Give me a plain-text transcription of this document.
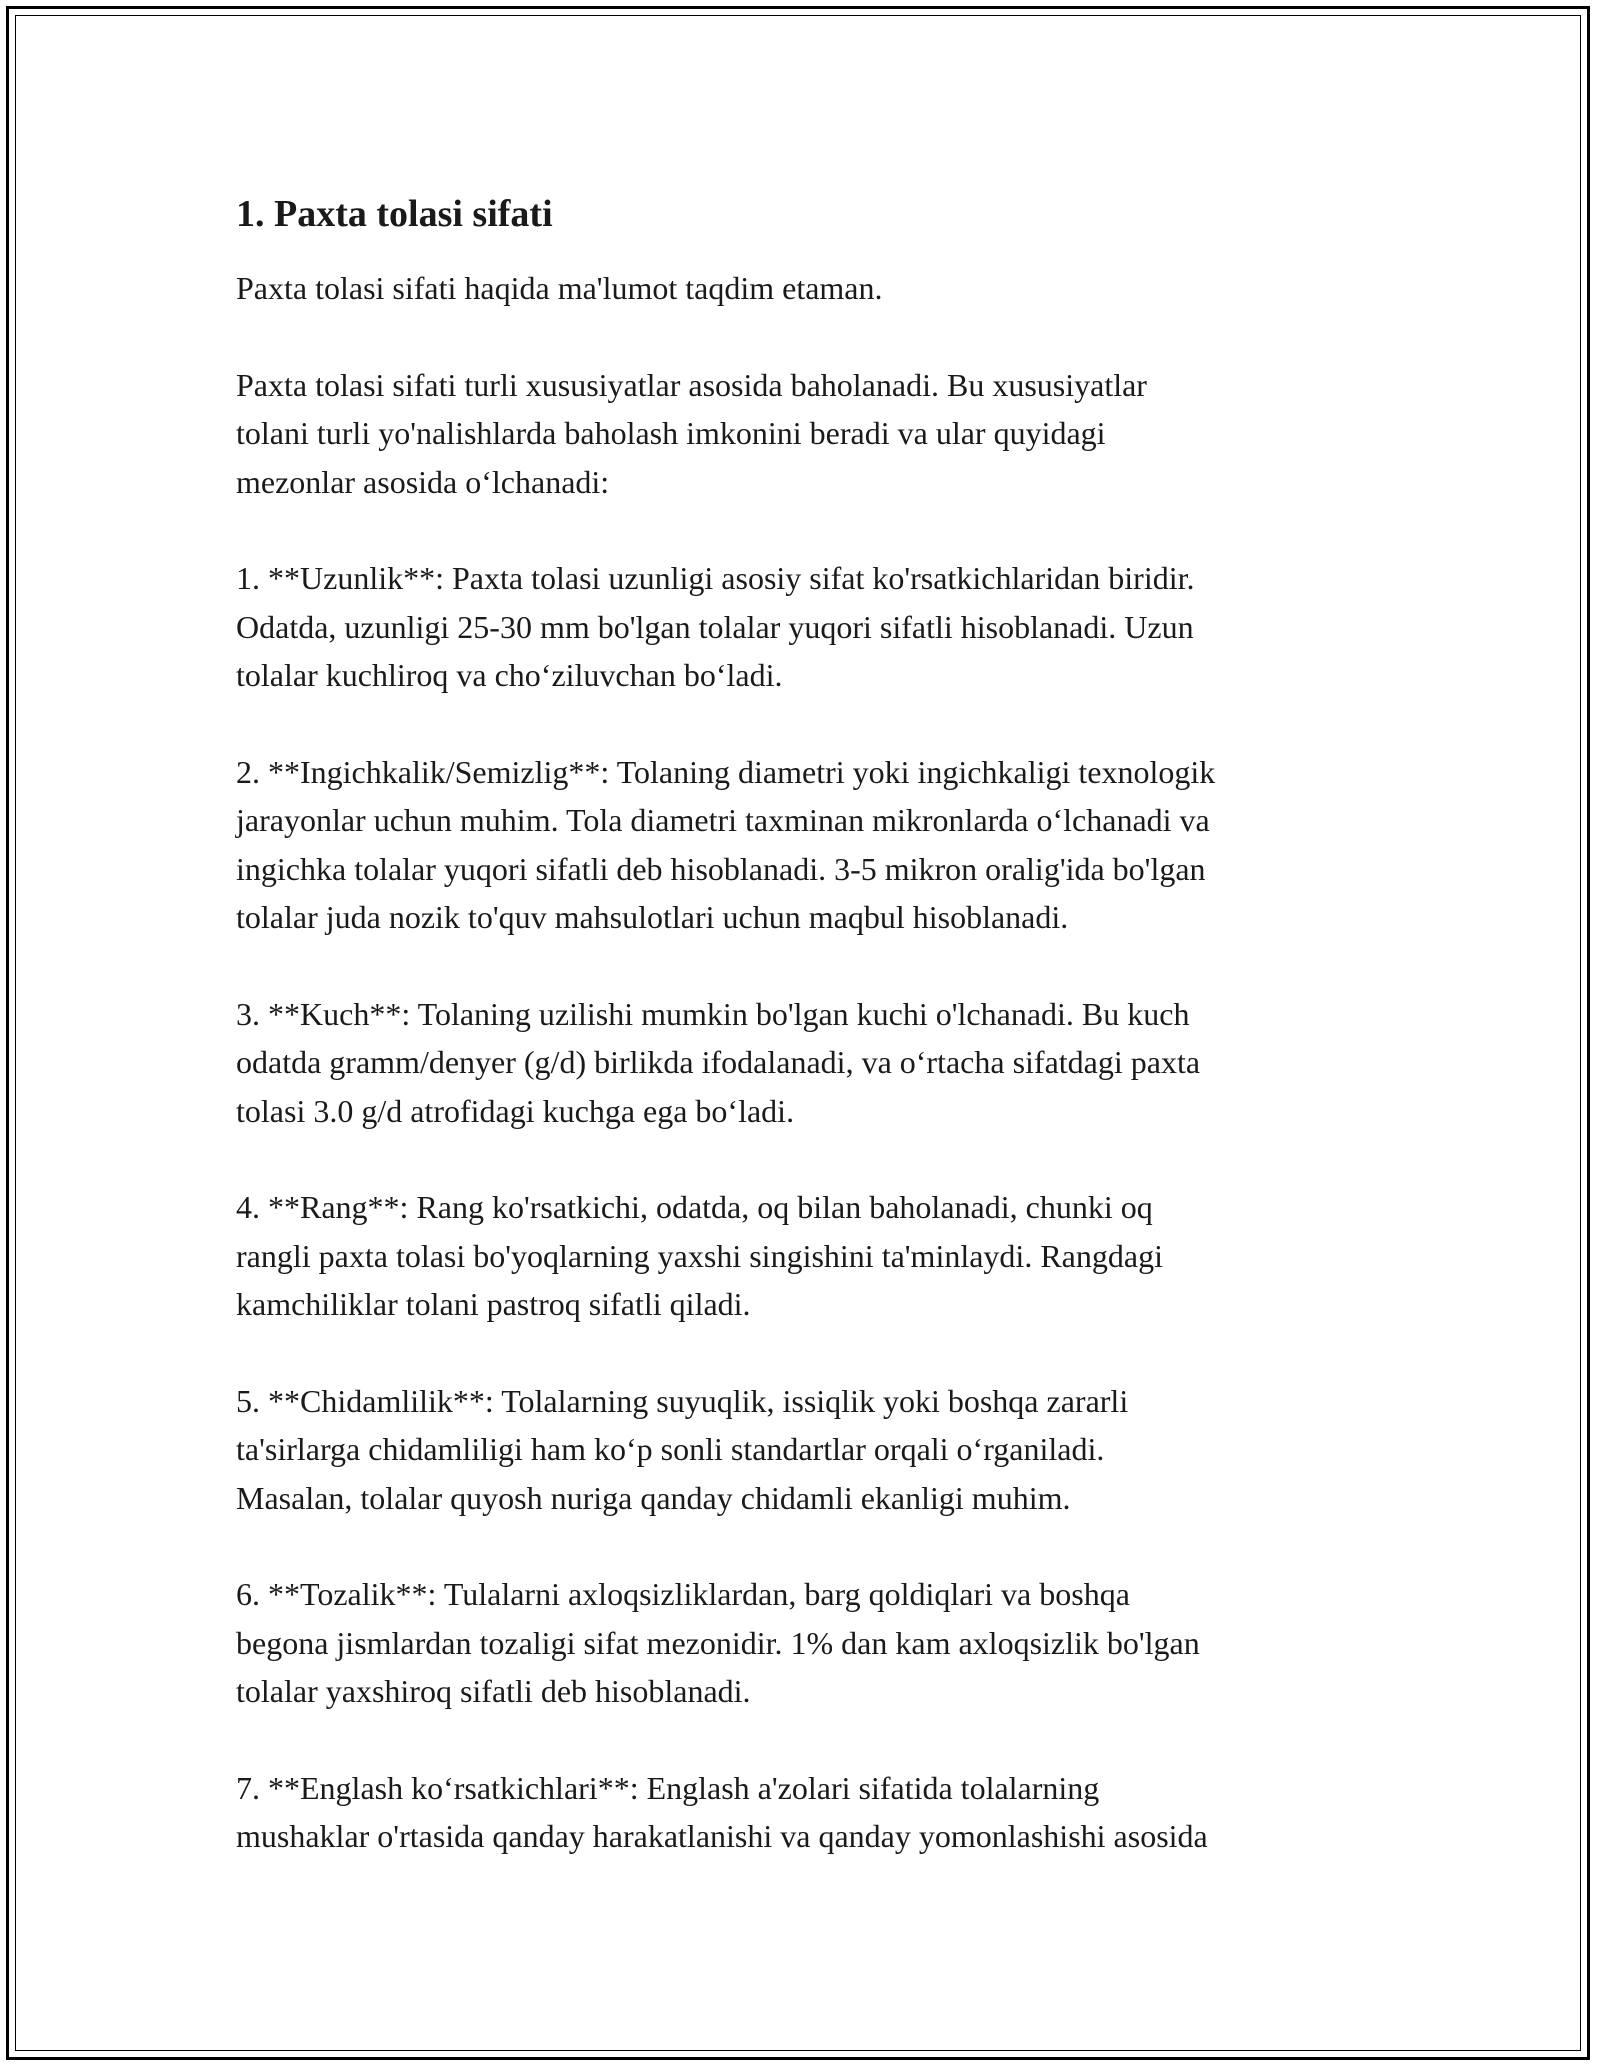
1. Paxta tolasi sifati
Paxta tolasi sifati haqida ma'lumot taqdim etaman.
Paxta tolasi sifati turli xususiyatlar asosida baholanadi. Bu xususiyatlar
tolani turli yo'nalishlarda baholash imkonini beradi va ular quyidagi
mezonlar asosida o‘lchanadi:
1. **Uzunlik**: Paxta tolasi uzunligi asosiy sifat ko'rsatkichlaridan biridir.
Odatda, uzunligi 25-30 mm bo'lgan tolalar yuqori sifatli hisoblanadi. Uzun
tolalar kuchliroq va cho‘ziluvchan bo‘ladi.
2. **Ingichkalik/Semizlig**: Tolaning diametri yoki ingichkaligi texnologik
jarayonlar uchun muhim. Tola diametri taxminan mikronlarda o‘lchanadi va
ingichka tolalar yuqori sifatli deb hisoblanadi. 3-5 mikron oralig'ida bo'lgan
tolalar juda nozik to'quv mahsulotlari uchun maqbul hisoblanadi.
3. **Kuch**: Tolaning uzilishi mumkin bo'lgan kuchi o'lchanadi. Bu kuch
odatda gramm/denyer (g/d) birlikda ifodalanadi, va o‘rtacha sifatdagi paxta
tolasi 3.0 g/d atrofidagi kuchga ega bo‘ladi.
4. **Rang**: Rang ko'rsatkichi, odatda, oq bilan baholanadi, chunki oq
rangli paxta tolasi bo'yoqlarning yaxshi singishini ta'minlaydi. Rangdagi
kamchiliklar tolani pastroq sifatli qiladi.
5. **Chidamlilik**: Tolalarning suyuqlik, issiqlik yoki boshqa zararli
ta'sirlarga chidamliligi ham ko‘p sonli standartlar orqali o‘rganiladi.
Masalan, tolalar quyosh nuriga qanday chidamli ekanligi muhim.
6. **Tozalik**: Tulalarni axloqsizliklardan, barg qoldiqlari va boshqa
begona jismlardan tozaligi sifat mezonidir. 1% dan kam axloqsizlik bo'lgan
tolalar yaxshiroq sifatli deb hisoblanadi.
7. **Englash ko‘rsatkichlari**: Englash a'zolari sifatida tolalarning
mushaklar o'rtasida qanday harakatlanishi va qanday yomonlashishi asosida
